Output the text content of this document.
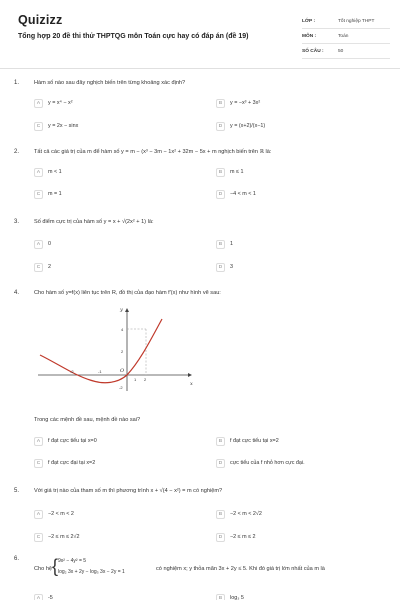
Quizizz
Tổng hợp 20 đề thi thử THPTQG môn Toán cực hay có đáp án (đề 19)
LỚP :	Tốt nghiệp THPT
MÔN :	Toán
SỐ CÂU :	50
1.	Hàm số nào sau đây nghịch biến trên từng khoảng xác định?
A	y = x⁴ − x²	B	y = −x³ + 3x²
C	y = 2x − sinx	D	y = (x+2)/(x−1)
2.	Tất cả các giá trị của m để hàm số y = m − (x³ − 3m − 1x² + 32m − 5x + m nghịch biến trên ℝ là:
A	m < 1	B	m ≤ 1
C	m = 1	D	−4 < m < 1
3.	Số điểm cực trị của hàm số y = x + √(2x² + 1) là:
A	0	B	1
C	2	D	3
4.	Cho hàm số y=f(x) liên tục trên R, đồ thị của đạo hàm f'(x) như hình vẽ sau:
x
y
O
-2	-1
1 2
4
2
-2
Trong các mệnh đề sau, mệnh đề nào sai?
A	f đạt cực tiểu tại x=0	B	f đạt cực tiểu tại x=2
C	f đạt cực đại tại x=2	D	cực tiểu của f nhỏ hơn cực đại.
5.	Với giá trị nào của tham số m thì phương trình x + √(4 − x²) = m có nghiệm?
A	−2 < m < 2	B	−2 < m < 2√2
C	−2 ≤ m ≤ 2√2	D	−2 ≤ m ≤ 2
6.
Cho hệ { 9x² − 4y² = 5
log₂ 3x + 2y − log₃ 3x − 2y = 1	có nghiệm x; y thỏa mãn 3x + 2y ≤ 5. Khi đó giá trị lớn nhất của m là
A	-5	B	log₃ 5
